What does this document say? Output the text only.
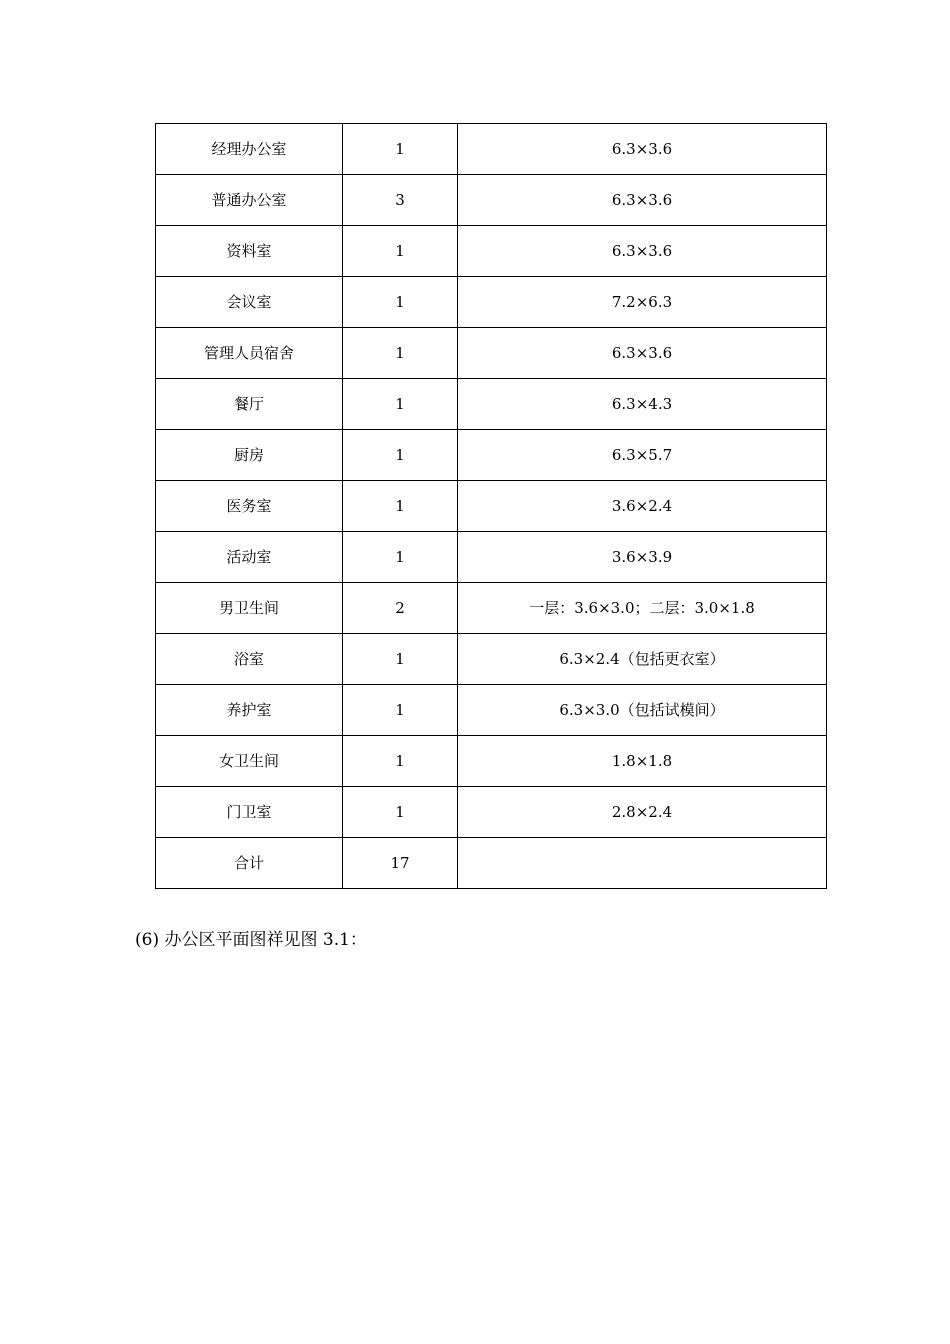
经理办公室	1	6.3×3.6
普通办公室	3	6.3×3.6
资料室	1	6.3×3.6
会议室	1	7.2×6.3
管理人员宿舍	1	6.3×3.6
餐厅	1	6.3×4.3
厨房	1	6.3×5.7
医务室	1	3.6×2.4
活动室	1	3.6×3.9
男卫生间	2	一层：3.6×3.0；二层：3.0×1.8
浴室	1	6.3×2.4（包括更衣室）
养护室	1	6.3×3.0（包括试模间）
女卫生间	1	1.8×1.8
门卫室	1	2.8×2.4
合计	17	
(6) 办公区平面图祥见图 3.1：
